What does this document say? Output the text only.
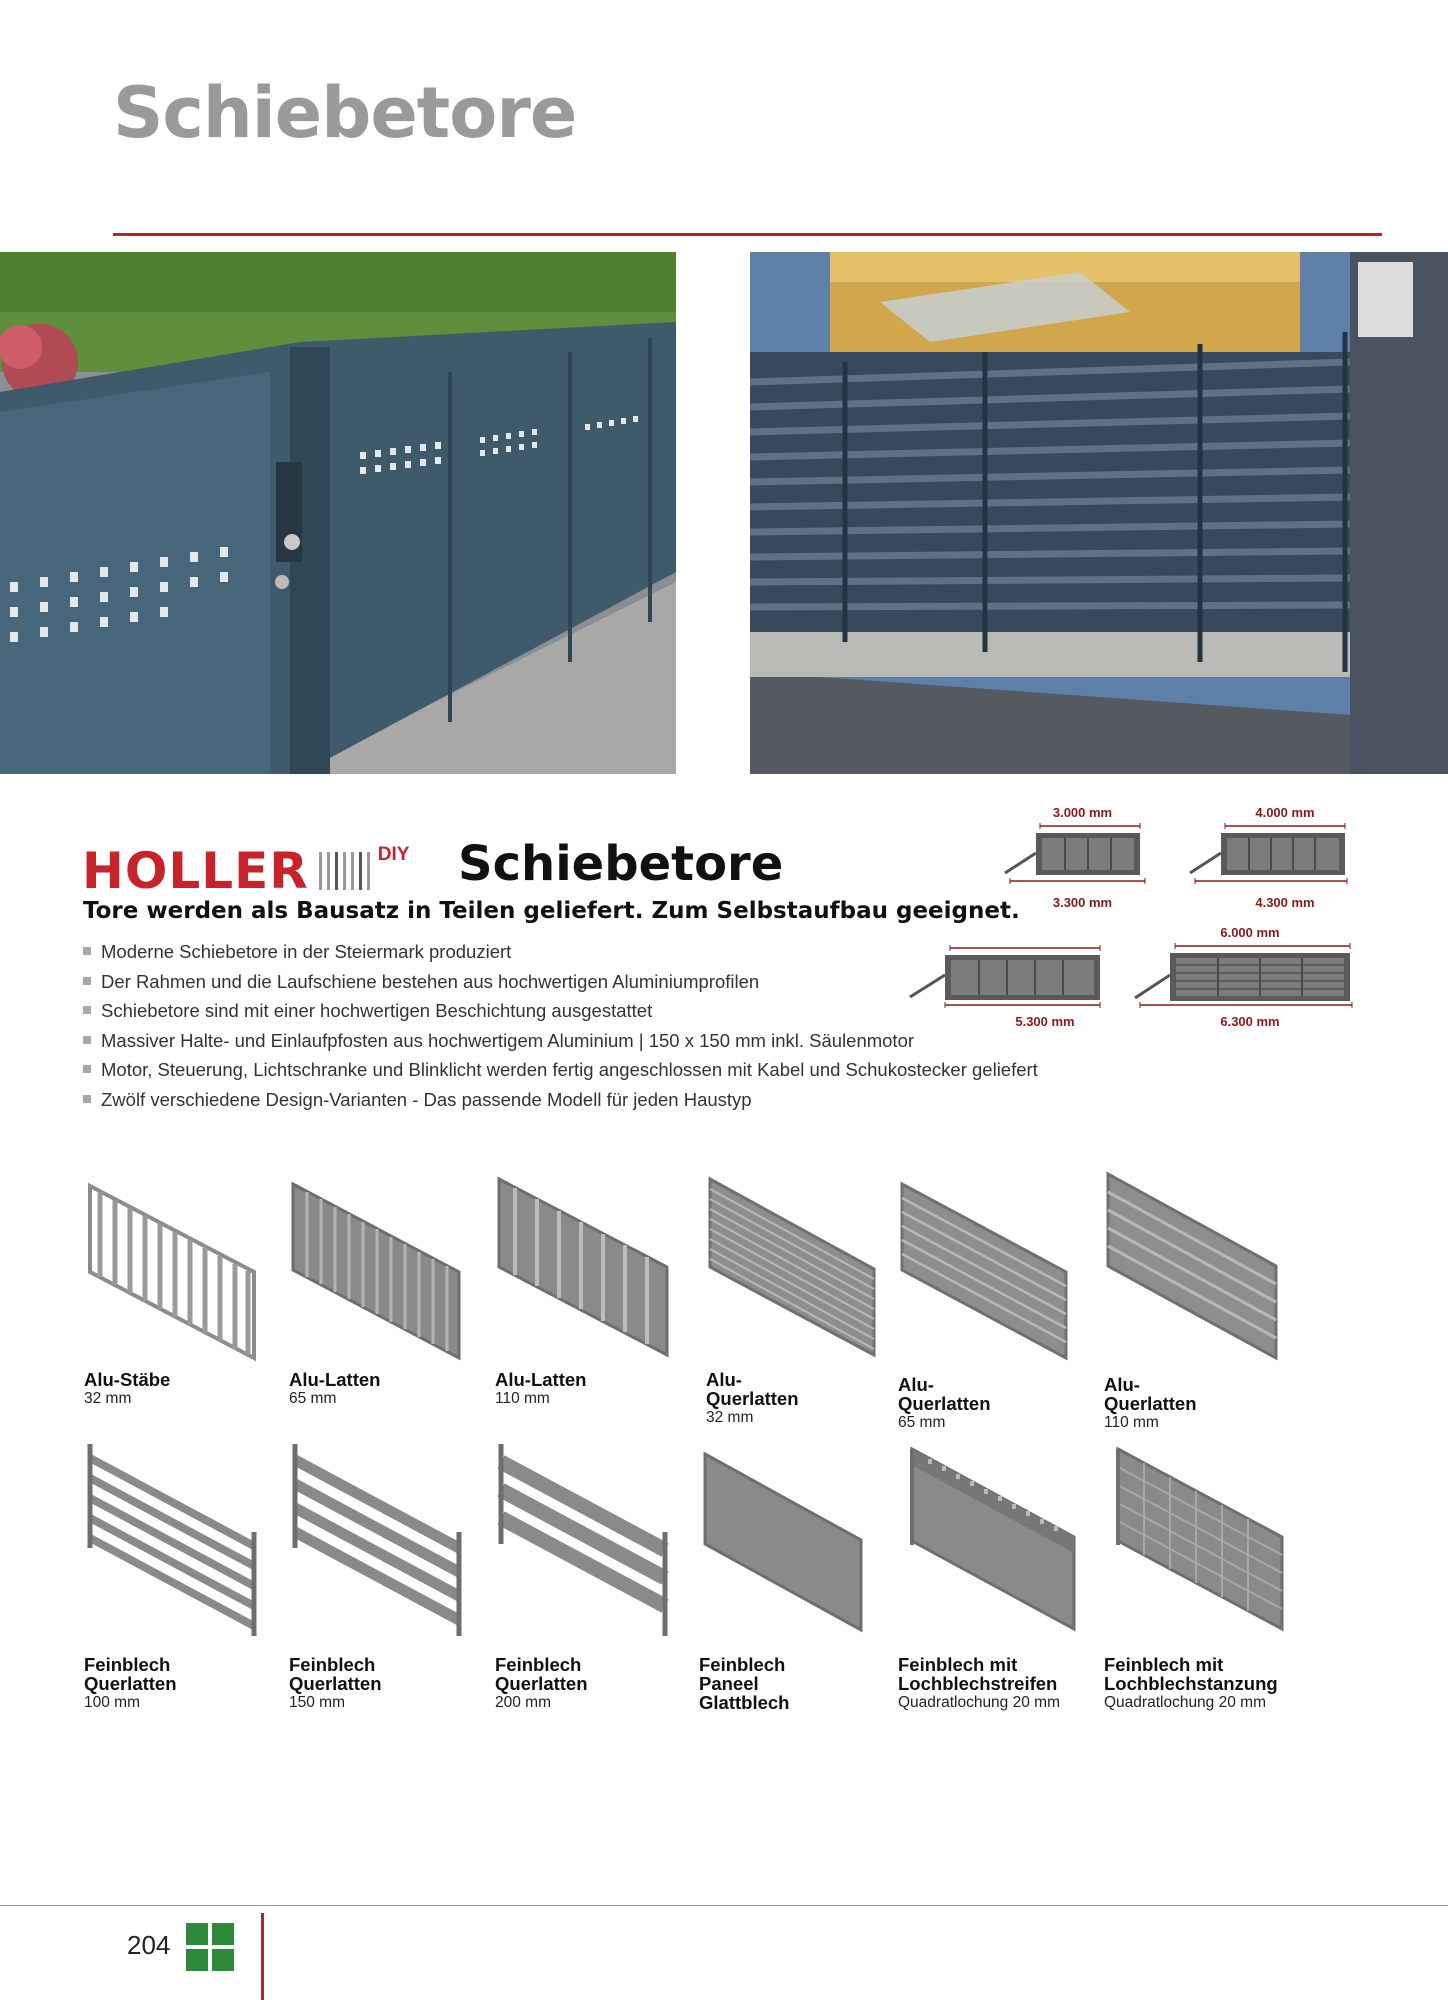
Schiebetore
HOLLER	DIY Schiebetore
Tore werden als Bausatz in Teilen geliefert. Zum Selbstaufbau geeignet.
Moderne Schiebetore in der Steiermark produziert
Der Rahmen und die Laufschiene bestehen aus hochwertigen Aluminiumprofilen
Schiebetore sind mit einer hochwertigen Beschichtung ausgestattet
Massiver Halte- und Einlaufpfosten aus hochwertigem Aluminium | 150 x 150 mm inkl. Säulenmotor
Motor, Steuerung, Lichtschranke und Blinklicht werden fertig angeschlossen mit Kabel und Schukostecker geliefert
Zwölf verschiedene Design-Varianten - Das passende Modell für jeden Haustyp
3.000 mm
3.300 mm
4.000 mm
4.300 mm
5.300 mm
6.000 mm
6.300 mm
Alu-Stäbe
32 mm
Alu-Latten
65 mm
Alu-Latten
110 mm
Alu-
Querlatten
32 mm
Alu-
Querlatten
65 mm
Alu-
Querlatten
110 mm
Feinblech
Querlatten
100 mm
Feinblech
Querlatten
150 mm
Feinblech
Querlatten
200 mm
Feinblech
Paneel
Glattblech
Feinblech mit
Lochblechstreifen
Quadratlochung 20 mm
Feinblech mit
Lochblechstanzung
Quadratlochung 20 mm
204
